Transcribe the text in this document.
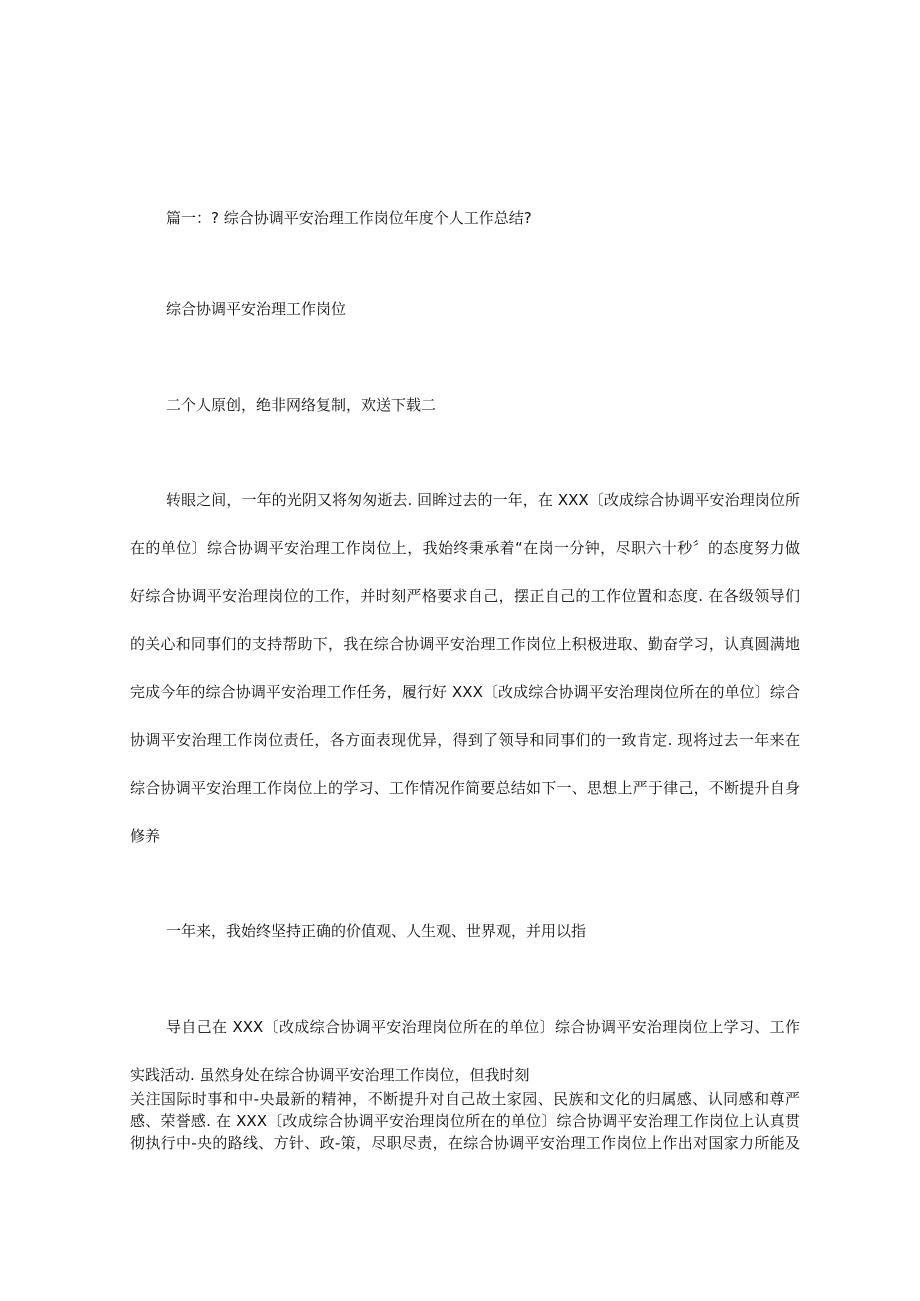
篇一：? 综合协调平安治理工作岗位年度个人工作总结?
综合协调平安治理工作岗位
二个人原创，绝非网络复制，欢送下载二
转眼之间，一年的光阴又将匆匆逝去. 回眸过去的一年，在 XXX〔改成综合协调平安治理岗位所
在的单位〕综合协调平安治理工作岗位上，我始终秉承着“在岗一分钟，尽职六十秒〞的态度努力做
好综合协调平安治理岗位的工作，并时刻严格要求自己，摆正自己的工作位置和态度. 在各级领导们
的关心和同事们的支持帮助下，我在综合协调平安治理工作岗位上积极进取、勤奋学习，认真圆满地
完成今年的综合协调平安治理工作任务，履行好 XXX〔改成综合协调平安治理岗位所在的单位〕综合
协调平安治理工作岗位责任，各方面表现优异，得到了领导和同事们的一致肯定. 现将过去一年来在
综合协调平安治理工作岗位上的学习、工作情况作简要总结如下一、思想上严于律己，不断提升自身
修养
一年来，我始终坚持正确的价值观、人生观、世界观，并用以指
导自己在 XXX〔改成综合协调平安治理岗位所在的单位〕综合协调平安治理岗位上学习、工作
实践活动. 虽然身处在综合协调平安治理工作岗位，但我时刻
关注国际时事和中-央最新的精神，不断提升对自己故土家园、民族和文化的归属感、认同感和尊严
感、荣誉感. 在 XXX〔改成综合协调平安治理岗位所在的单位〕综合协调平安治理工作岗位上认真贯
彻执行中-央的路线、方针、政-策，尽职尽责，在综合协调平安治理工作岗位上作出对国家力所能及
